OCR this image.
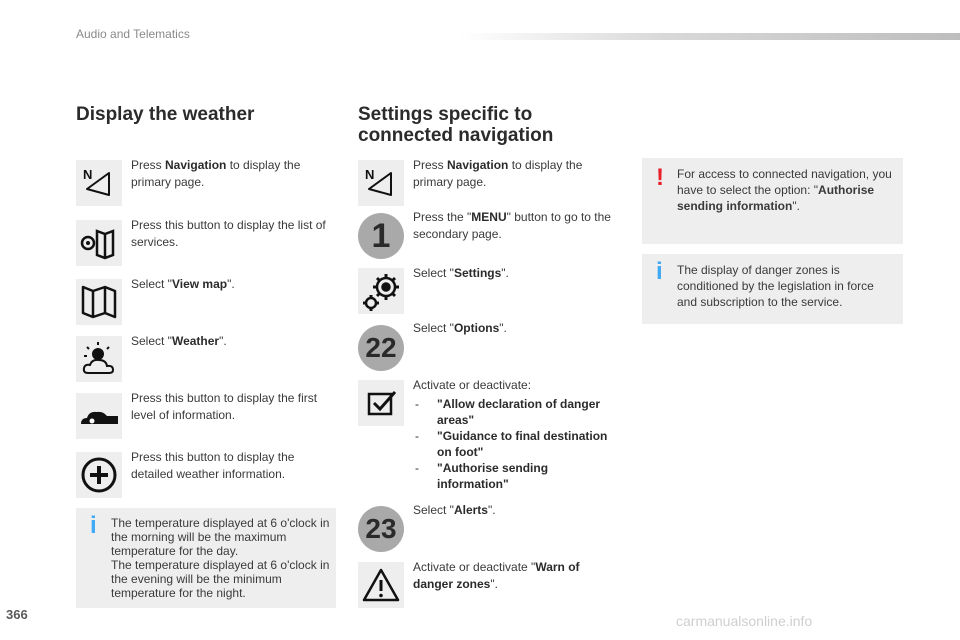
Audio and Telematics
Display the weather
N
Press Navigation to display the primary page.
Press this button to display the list of services.
Select "View map".
Select "Weather".
Press this button to display the first level of information.
Press this button to display the detailed weather information.
i The temperature displayed at 6 o'clock in the morning will be the maximum temperature for the day.
The temperature displayed at 6 o'clock in the evening will be the minimum temperature for the night.
Settings specific to
connected navigation
N
Press Navigation to display the primary page.
1	Press the "MENU" button to go to the secondary page.
Select "Settings".
22
Select "Options".
Activate or deactivate:
- "Allow declaration of danger areas"
- "Guidance to final destination on foot"
- "Authorise sending information"
23
Select "Alerts".
Activate or deactivate "Warn of danger zones".
! For access to connected navigation, you have to select the option: "Authorise sending information".
i The display of danger zones is conditioned by the legislation in force and subscription to the service.
366	carmanualsonline.info
